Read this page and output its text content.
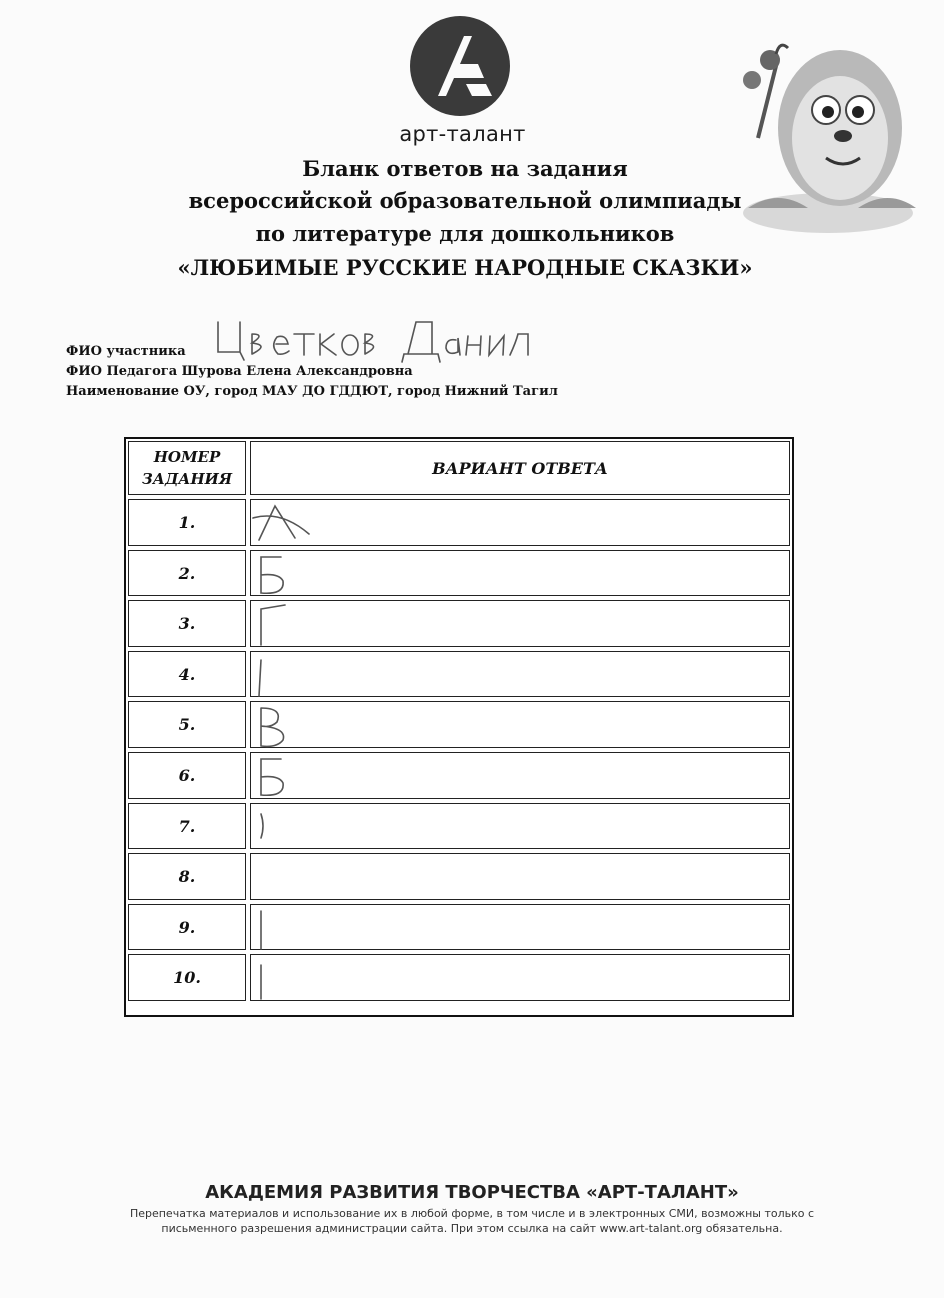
арт-талант
Бланк ответов на задания
всероссийской образовательной олимпиады
по литературе для дошкольников
«ЛЮБИМЫЕ РУССКИЕ НАРОДНЫЕ СКАЗКИ»
ФИО участника
ФИО Педагога Шурова Елена Александровна
Наименование ОУ, город МАУ ДО ГДДЮТ, город Нижний Тагил
НОМЕР
ЗАДАНИЯ
ВАРИАНТ ОТВЕТА
1.
2.
3.
4.
5.
6.
7.
8.
9.
10.
АКАДЕМИЯ РАЗВИТИЯ ТВОРЧЕСТВА «АРТ-ТАЛАНТ»
Перепечатка материалов и использование их в любой форме, в том числе и в электронных СМИ, возможны только с
письменного разрешения администрации сайта. При этом ссылка на сайт www.art-talant.org обязательна.
